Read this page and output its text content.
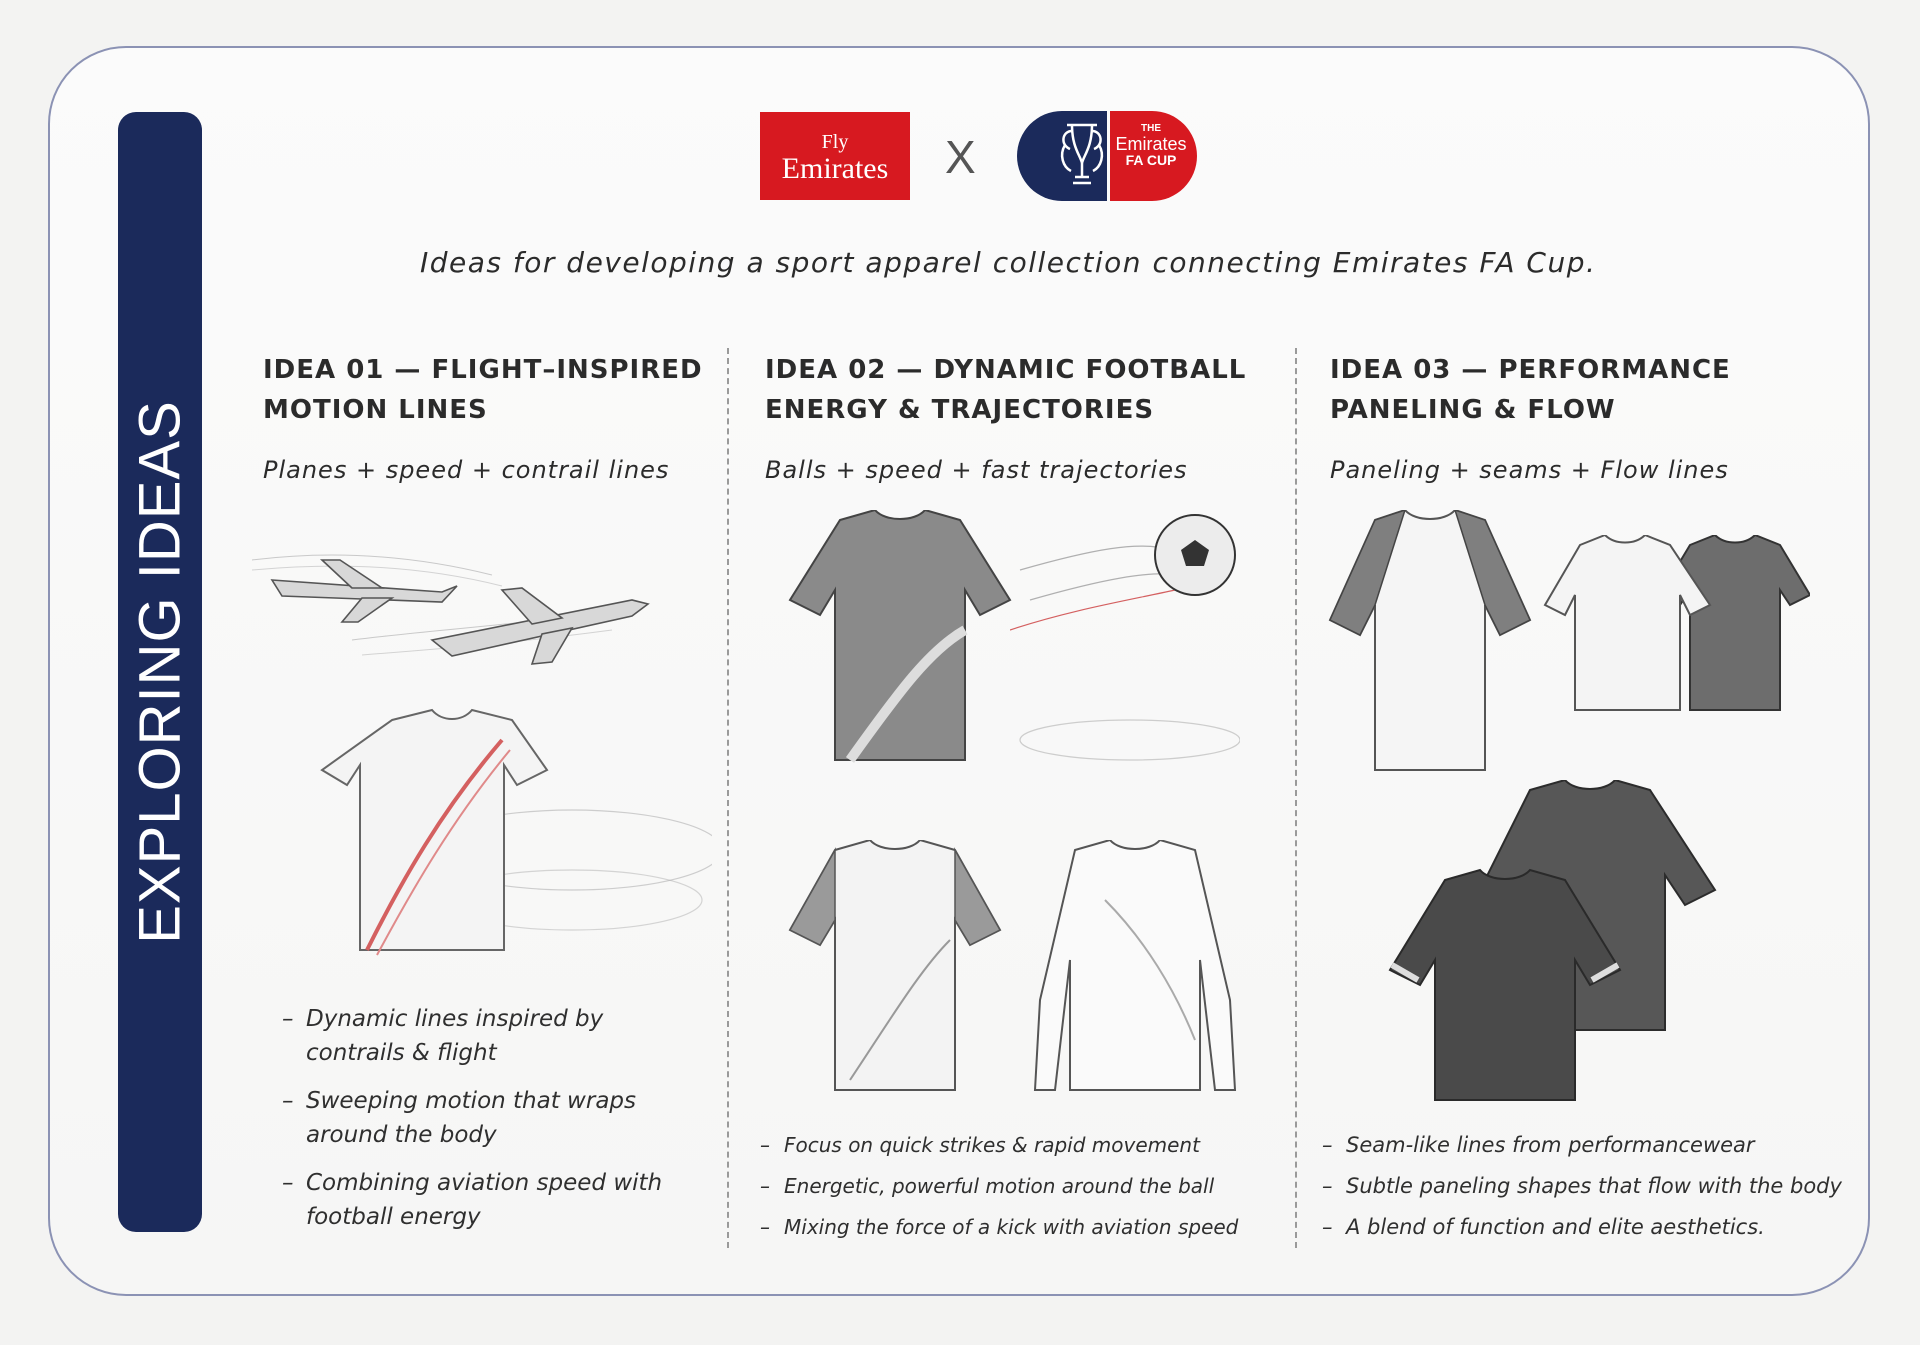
EXPLORING IDEAS
Fly
Emirates	X
THE
Emirates
FA CUP
Ideas for developing a sport apparel collection connecting Emirates FA Cup.
IDEA 01 — FLIGHT–INSPIRED
MOTION LINES
Planes + speed + contrail lines
– Dynamic lines inspired by contrails & flight
– Sweeping motion that wraps around the body
– Combining aviation speed with football energy
IDEA 02 — DYNAMIC FOOTBALL
ENERGY & TRAJECTORIES
Balls + speed + fast trajectories
– Focus on quick strikes & rapid movement
– Energetic, powerful motion around the ball
– Mixing the force of a kick with aviation speed
IDEA 03 — PERFORMANCE
PANELING & FLOW
Paneling + seams + Flow lines
– Seam-like lines from performancewear
– Subtle paneling shapes that flow with the body
– A blend of function and elite aesthetics.
